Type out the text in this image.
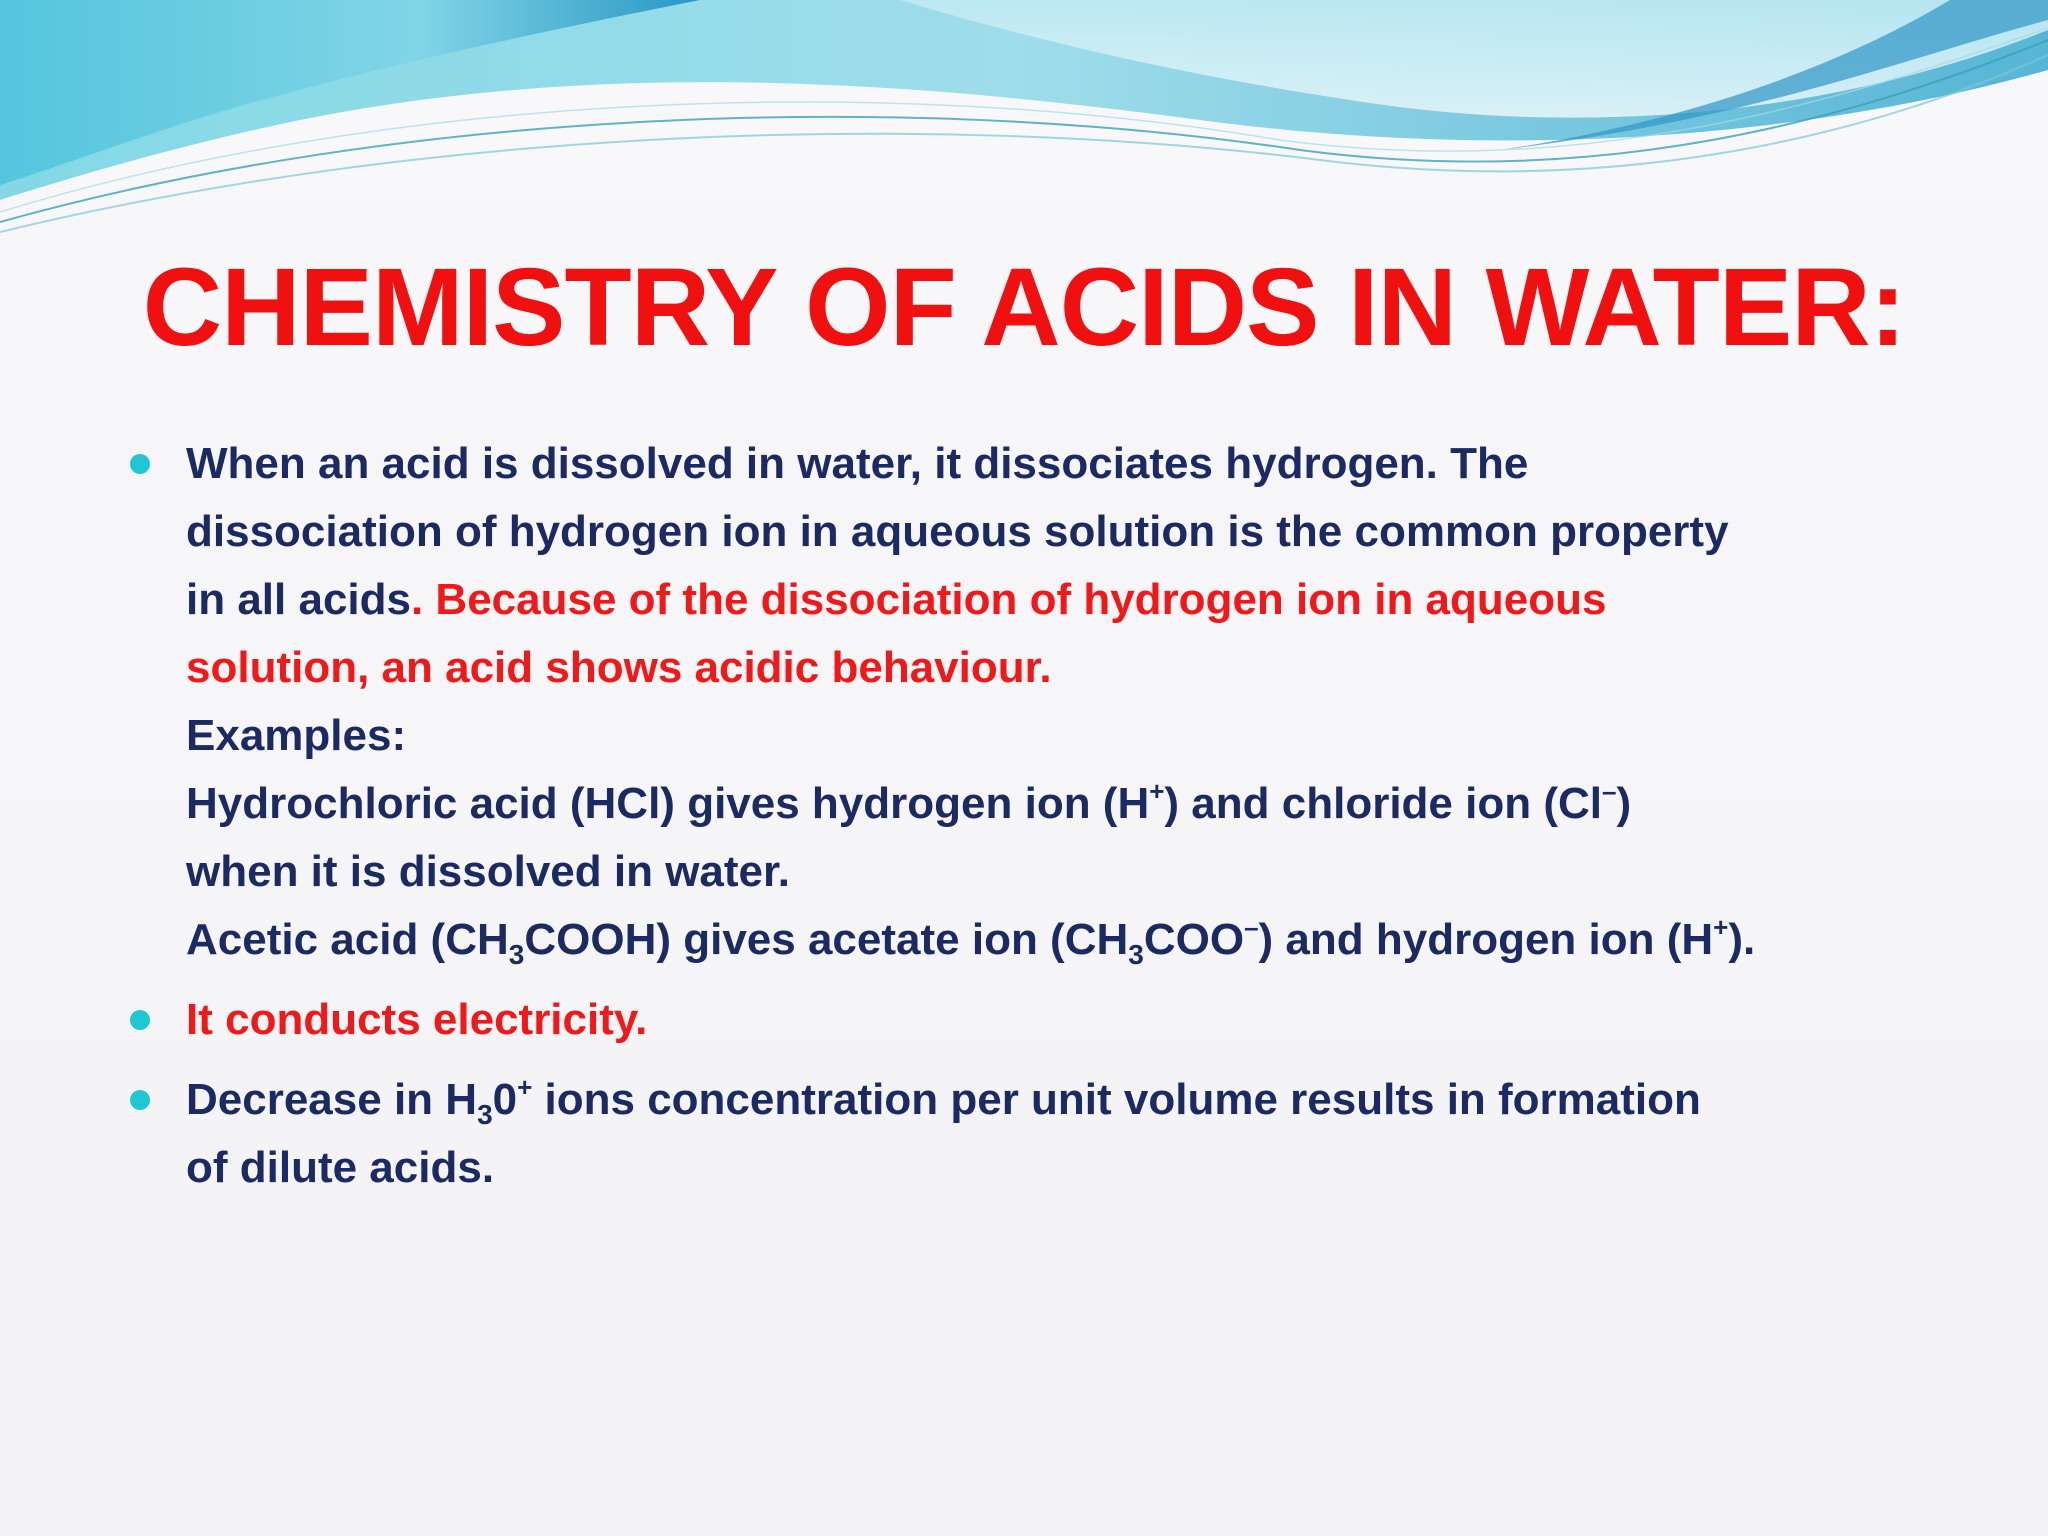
CHEMISTRY OF ACIDS IN WATER:
When an acid is dissolved in water, it dissociates hydrogen. The
dissociation of hydrogen ion in aqueous solution is the common property
in all acids. Because of the dissociation of hydrogen ion in aqueous
solution, an acid shows acidic behaviour.
Examples:
Hydrochloric acid (HCl) gives hydrogen ion (H+) and chloride ion (Cl–)
when it is dissolved in water.
Acetic acid $(CH_3COOH)$ gives acetate ion $(CH_3COO^-)$ and hydrogen ion (H+).
It conducts electricity.
Decrease in $H_30^+$ ions concentration per unit volume results in formation
of dilute acids.
